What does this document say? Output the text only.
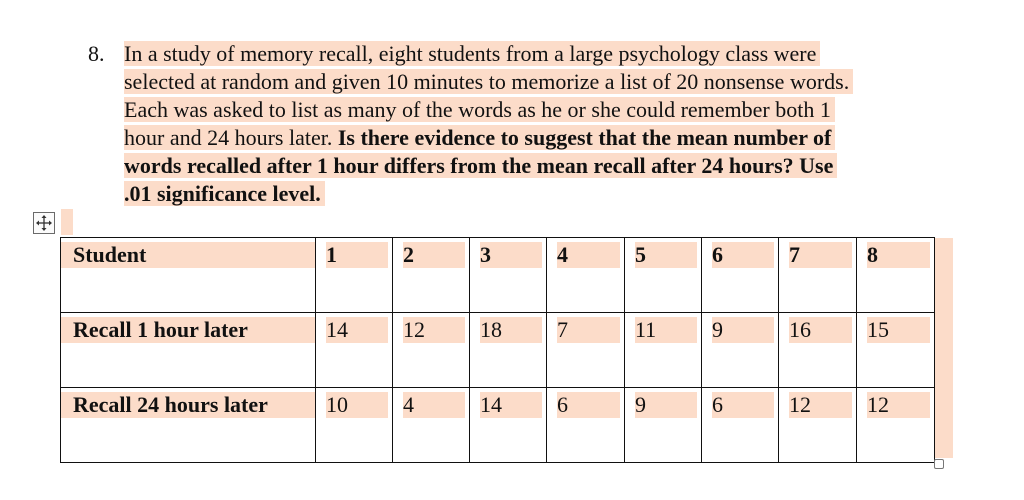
8. In a study of memory recall, eight students from a large psychology class were
selected at random and given 10 minutes to memorize a list of 20 nonsense words.
Each was asked to list as many of the words as he or she could remember both 1
hour and 24 hours later. Is there evidence to suggest that the mean number of
words recalled after 1 hour differs from the mean recall after 24 hours? Use
.01 significance level.
Student	1	2	3	4	5	6	7	8

Recall 1 hour later	14	12	18	7	11	9	16	15

Recall 24 hours later	10	4	14	6	9	6	12	12
